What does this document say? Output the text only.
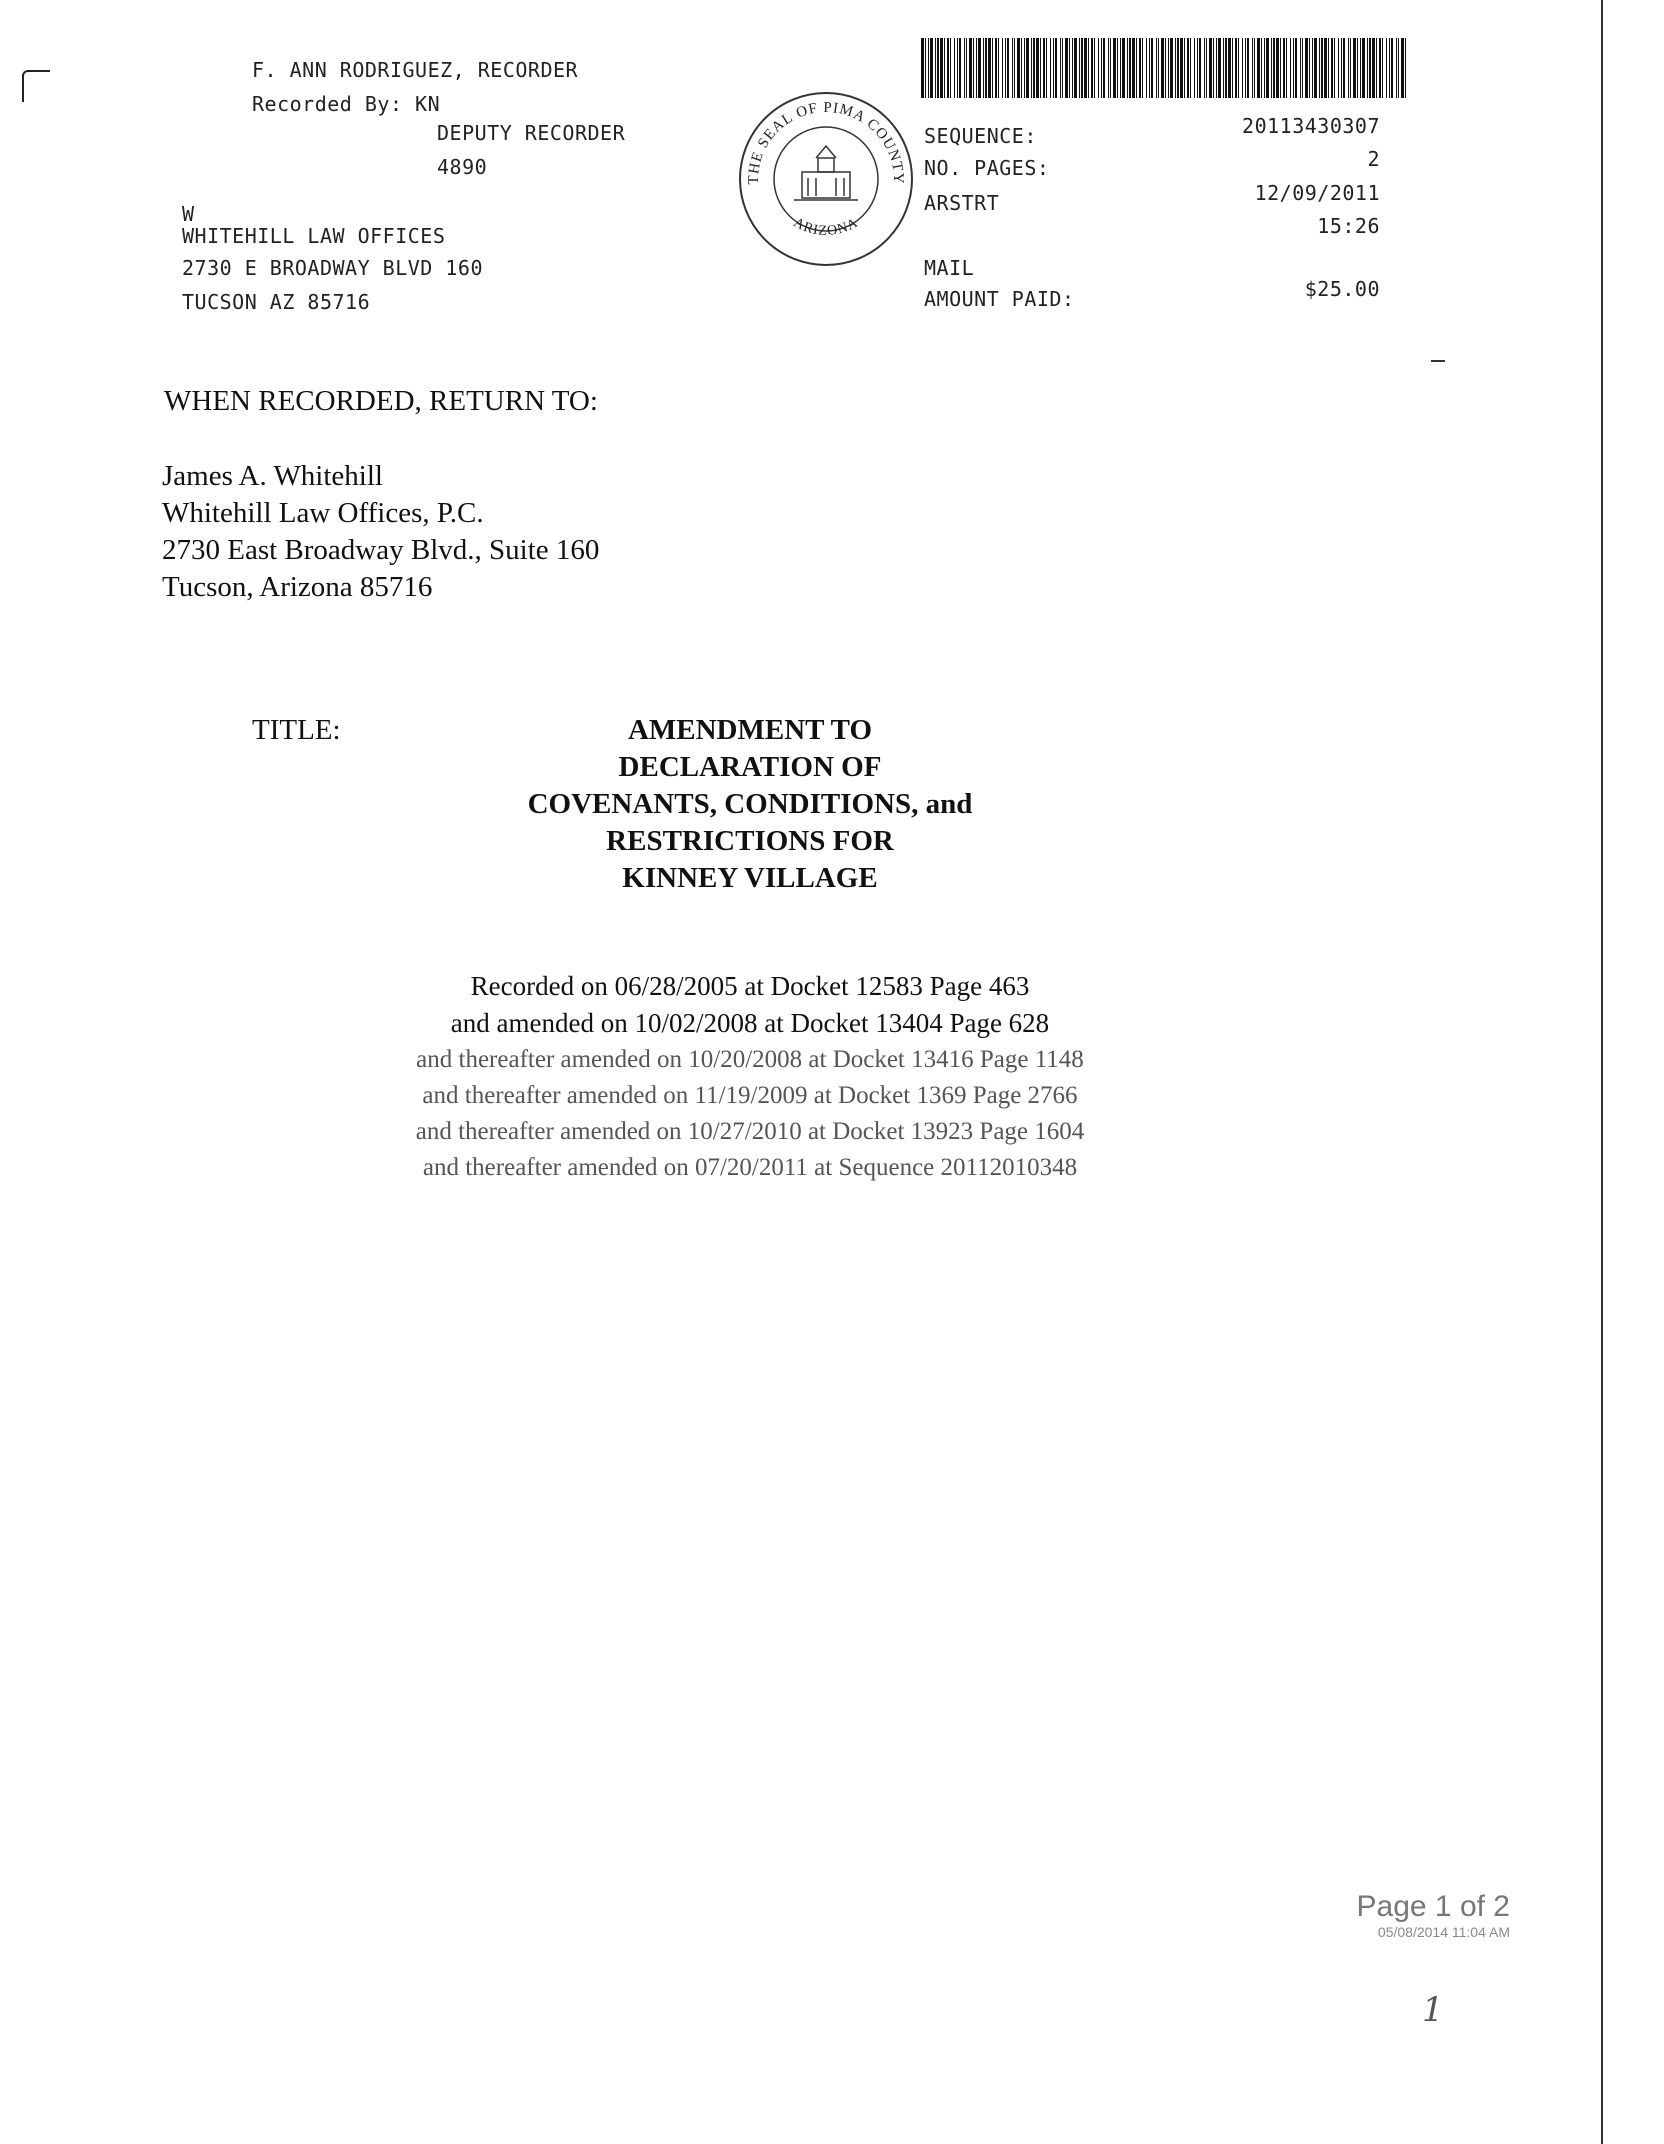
F. ANN RODRIGUEZ, RECORDER
Recorded By: KN
DEPUTY RECORDER
4890
W
WHITEHILL LAW OFFICES
2730 E BROADWAY BLVD 160
TUCSON AZ 85716
THE SEAL OF PIMA COUNTY
ARIZONA
SEQUENCE:	20113430307
NO. PAGES:	2
ARSTRT	12/09/2011
15:26
MAIL
AMOUNT PAID:	$25.00
WHEN RECORDED, RETURN TO:
James A. Whitehill
Whitehill Law Offices, P.C.
2730 East Broadway Blvd., Suite 160
Tucson, Arizona 85716
TITLE:	AMENDMENT TO
DECLARATION OF
COVENANTS, CONDITIONS, and
RESTRICTIONS FOR
KINNEY VILLAGE
Recorded on 06/28/2005 at Docket 12583 Page 463
and amended on 10/02/2008 at Docket 13404 Page 628
and thereafter amended on 10/20/2008 at Docket 13416 Page 1148
and thereafter amended on 11/19/2009 at Docket 1369 Page 2766
and thereafter amended on 10/27/2010 at Docket 13923 Page 1604
and thereafter amended on 07/20/2011 at Sequence 20112010348
Page 1 of 2
05/08/2014 11:04 AM
1
